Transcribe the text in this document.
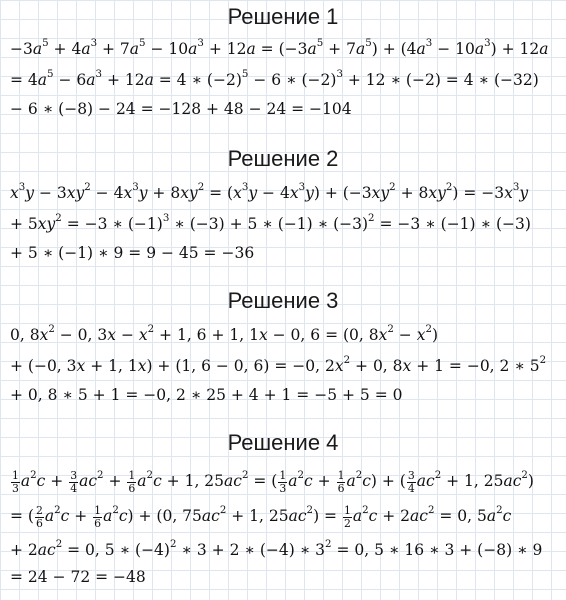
Решение 1
$-3a^5 + 4a^3 + 7a^5 - 10a^3 + 12a = (-3a^5 + 7a^5) + (4a^3 - 10a^3) + 12a$
= $4a^5 - 6a^3 + 12a = 4$ ∗ $(-2)^5 - 6$ ∗ $(-2)^3 + 12$ ∗ (−2) = 4 ∗ (−32)
− 6 ∗ (−8) − 24 = −128 + 48 − 24 = −104
Решение 2
$x^3y - 3xy^2 - 4x^3y + 8xy^2 = (x^3y - 4x^3y) + (-3xy^2 + 8xy^2) = -3x^3y$
+ $5xy^2 = -3$ ∗ $(-1)^3$ ∗ (−3) + 5 ∗ (−1) ∗ $(-3)^2 = -3$ ∗ (−1) ∗ (−3)
+ 5 ∗ (−1) ∗ 9 = 9 − 45 = −36
Решение 3
0, $8x^2 - 0$, $3x - x^2 + 1$, 6 + 1, 1x − 0, 6 = (0, $8x^2 - x^2$)
+ (−0, 3x + 1, 1x) + (1, 6 − 0, 6) = −0, $2x^2 + 0$, 8x + 1 = −0, 2 ∗ $5^2$
+ 0, 8 ∗ 5 + 1 = −0, 2 ∗ 25 + 4 + 1 = −5 + 5 = 0
Решение 4
$\frac{1}{3} a^2c + \frac{3}{4} ac^2 + \frac{1}{6} a^2c + 1$, $25ac^2$ = ( $\frac{1}{3} a^2c + \frac{1}{6} a^2c$) + ( $\frac{3}{4} ac^2 + 1$, $25ac^2$)
= ( $\frac{2}{6} a^2c + \frac{1}{6} a^2c) + (0$, $75ac^2 + 1$, $25ac^2) = \frac{1}{2} a^2c + 2ac^2 = 0$, $5a^2c$
+ $2ac^2 = 0$, 5 ∗ $(-4)^2$ ∗ 3 + 2 ∗ (−4) ∗ $3^2 = 0$, 5 ∗ 16 ∗ 3 + (−8) ∗ 9
= 24 − 72 = −48
